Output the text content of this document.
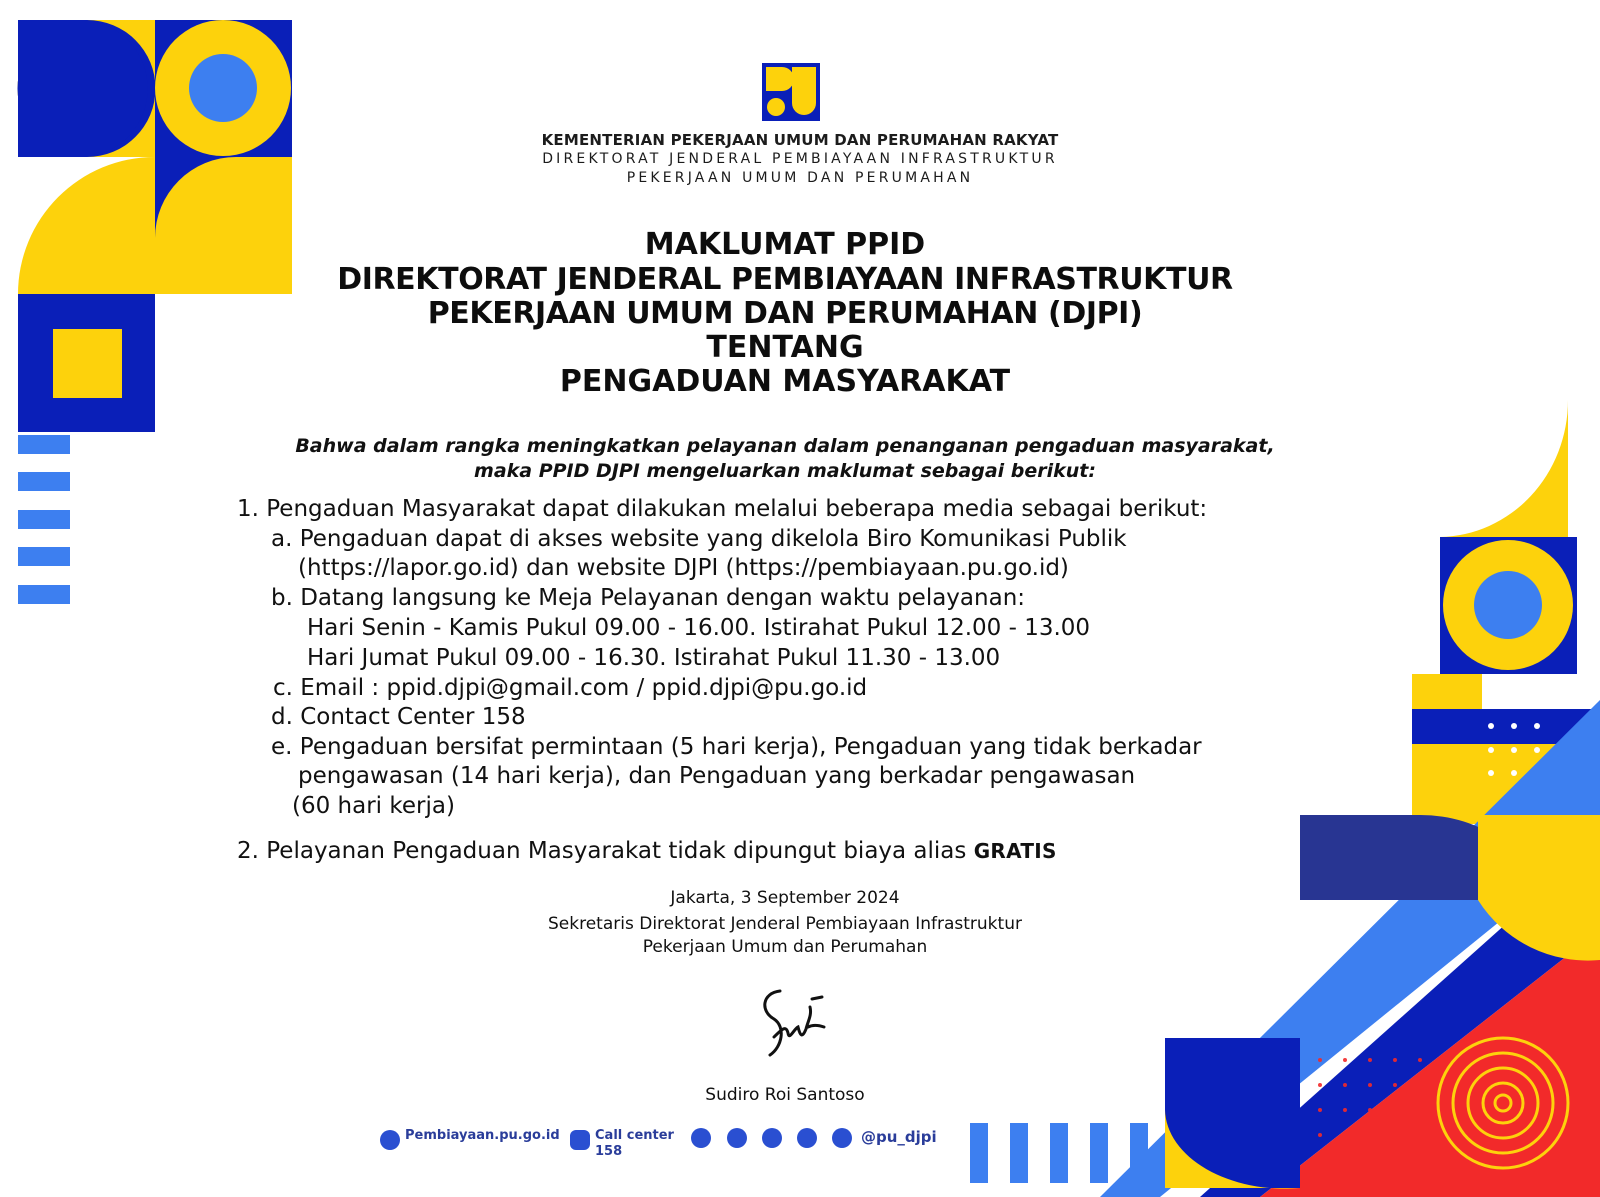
KEMENTERIAN PEKERJAAN UMUM DAN PERUMAHAN RAKYAT
DIREKTORAT JENDERAL PEMBIAYAAN INFRASTRUKTUR
PEKERJAAN UMUM DAN PERUMAHAN
MAKLUMAT PPID
DIREKTORAT JENDERAL PEMBIAYAAN INFRASTRUKTUR
PEKERJAAN UMUM DAN PERUMAHAN (DJPI)
TENTANG
PENGADUAN MASYARAKAT
Bahwa dalam rangka meningkatkan pelayanan dalam penanganan pengaduan masyarakat,
maka PPID DJPI mengeluarkan maklumat sebagai berikut:
1. Pengaduan Masyarakat dapat dilakukan melalui beberapa media sebagai berikut:
a. Pengaduan dapat di akses website yang dikelola Biro Komunikasi Publik
(https://lapor.go.id) dan website DJPI (https://pembiayaan.pu.go.id)
b. Datang langsung ke Meja Pelayanan dengan waktu pelayanan:
Hari Senin - Kamis Pukul 09.00 - 16.00. Istirahat Pukul 12.00 - 13.00
Hari Jumat Pukul 09.00 - 16.30. Istirahat Pukul 11.30 - 13.00
c. Email : ppid.djpi@gmail.com / ppid.djpi@pu.go.id
d. Contact Center 158
e. Pengaduan bersifat permintaan (5 hari kerja), Pengaduan yang tidak berkadar
pengawasan (14 hari kerja), dan Pengaduan yang berkadar pengawasan
(60 hari kerja)
2. Pelayanan Pengaduan Masyarakat tidak dipungut biaya alias GRATIS
Jakarta, 3 September 2024
Sekretaris Direktorat Jenderal Pembiayaan Infrastruktur
Pekerjaan Umum dan Perumahan
Sudiro Roi Santoso
Pembiayaan.pu.go.id	Call center
158
@pu_djpi
